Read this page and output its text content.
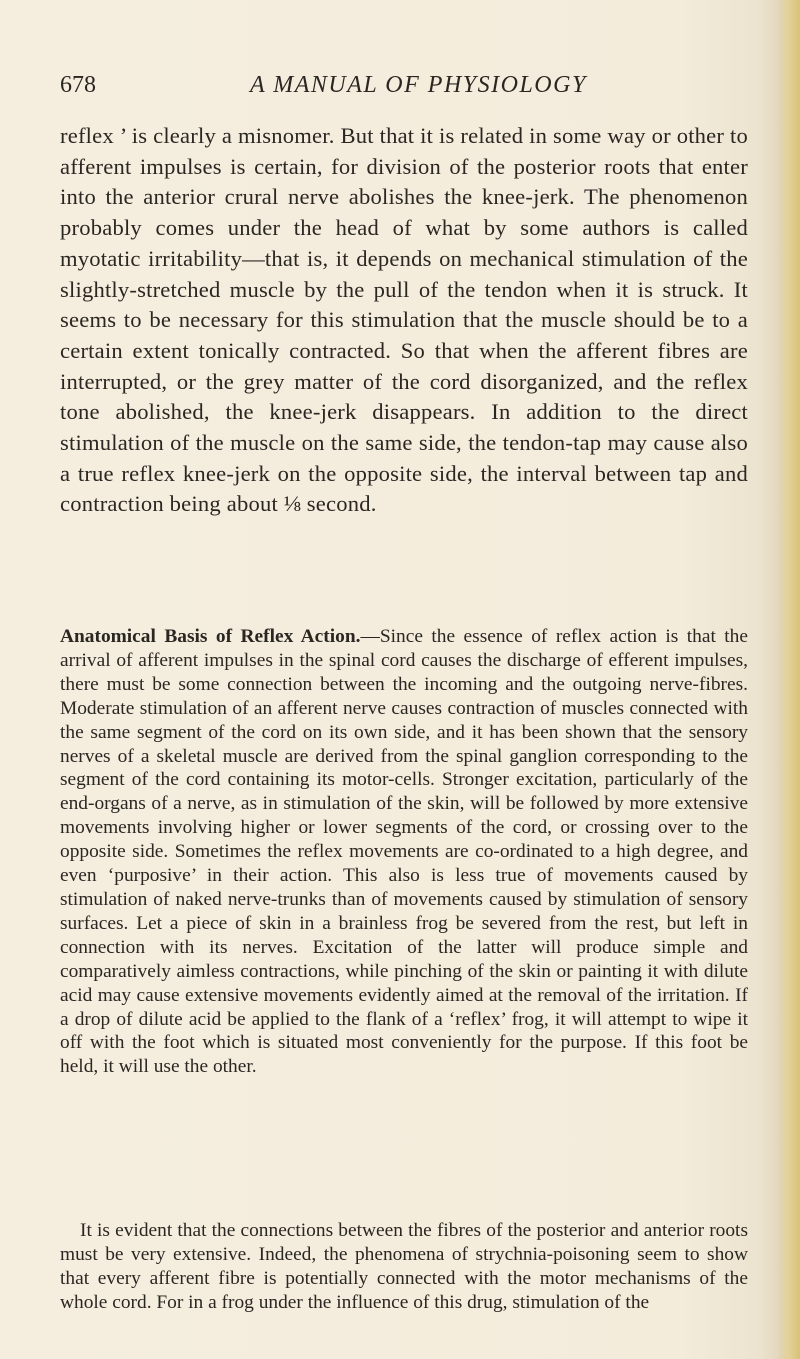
678	A MANUAL OF PHYSIOLOGY
reflex ’ is clearly a misnomer. But that it is related in some way or other to afferent impulses is certain, for division of the posterior roots that enter into the anterior crural nerve abolishes the knee-jerk. The phenomenon probably comes under the head of what by some authors is called myotatic irritability—that is, it depends on mechanical stimulation of the slightly-stretched muscle by the pull of the tendon when it is struck. It seems to be necessary for this stimulation that the muscle should be to a certain extent tonically contracted. So that when the afferent fibres are interrupted, or the grey matter of the cord disorganized, and the reflex tone abolished, the knee-jerk disappears. In addition to the direct stimulation of the muscle on the same side, the tendon-tap may cause also a true reflex knee-jerk on the opposite side, the interval between tap and contraction being about ⅛ second.
Anatomical Basis of Reflex Action.—Since the essence of reflex action is that the arrival of afferent impulses in the spinal cord causes the discharge of efferent impulses, there must be some connection between the incoming and the outgoing nerve-fibres. Moderate stimulation of an afferent nerve causes contraction of muscles connected with the same segment of the cord on its own side, and it has been shown that the sensory nerves of a skeletal muscle are derived from the spinal ganglion corresponding to the segment of the cord containing its motor-cells. Stronger excitation, particularly of the end-organs of a nerve, as in stimulation of the skin, will be followed by more extensive movements involving higher or lower segments of the cord, or crossing over to the opposite side. Sometimes the reflex movements are co-ordinated to a high degree, and even ‘purposive’ in their action. This also is less true of movements caused by stimulation of naked nerve-trunks than of movements caused by stimulation of sensory surfaces. Let a piece of skin in a brainless frog be severed from the rest, but left in connection with its nerves. Excitation of the latter will produce simple and comparatively aimless contractions, while pinching of the skin or painting it with dilute acid may cause extensive movements evidently aimed at the removal of the irritation. If a drop of dilute acid be applied to the flank of a ‘reflex’ frog, it will attempt to wipe it off with the foot which is situated most conveniently for the purpose. If this foot be held, it will use the other.
It is evident that the connections between the fibres of the posterior and anterior roots must be very extensive. Indeed, the phenomena of strychnia-poisoning seem to show that every afferent fibre is potentially connected with the motor mechanisms of the whole cord. For in a frog under the influence of this drug, stimulation of the
